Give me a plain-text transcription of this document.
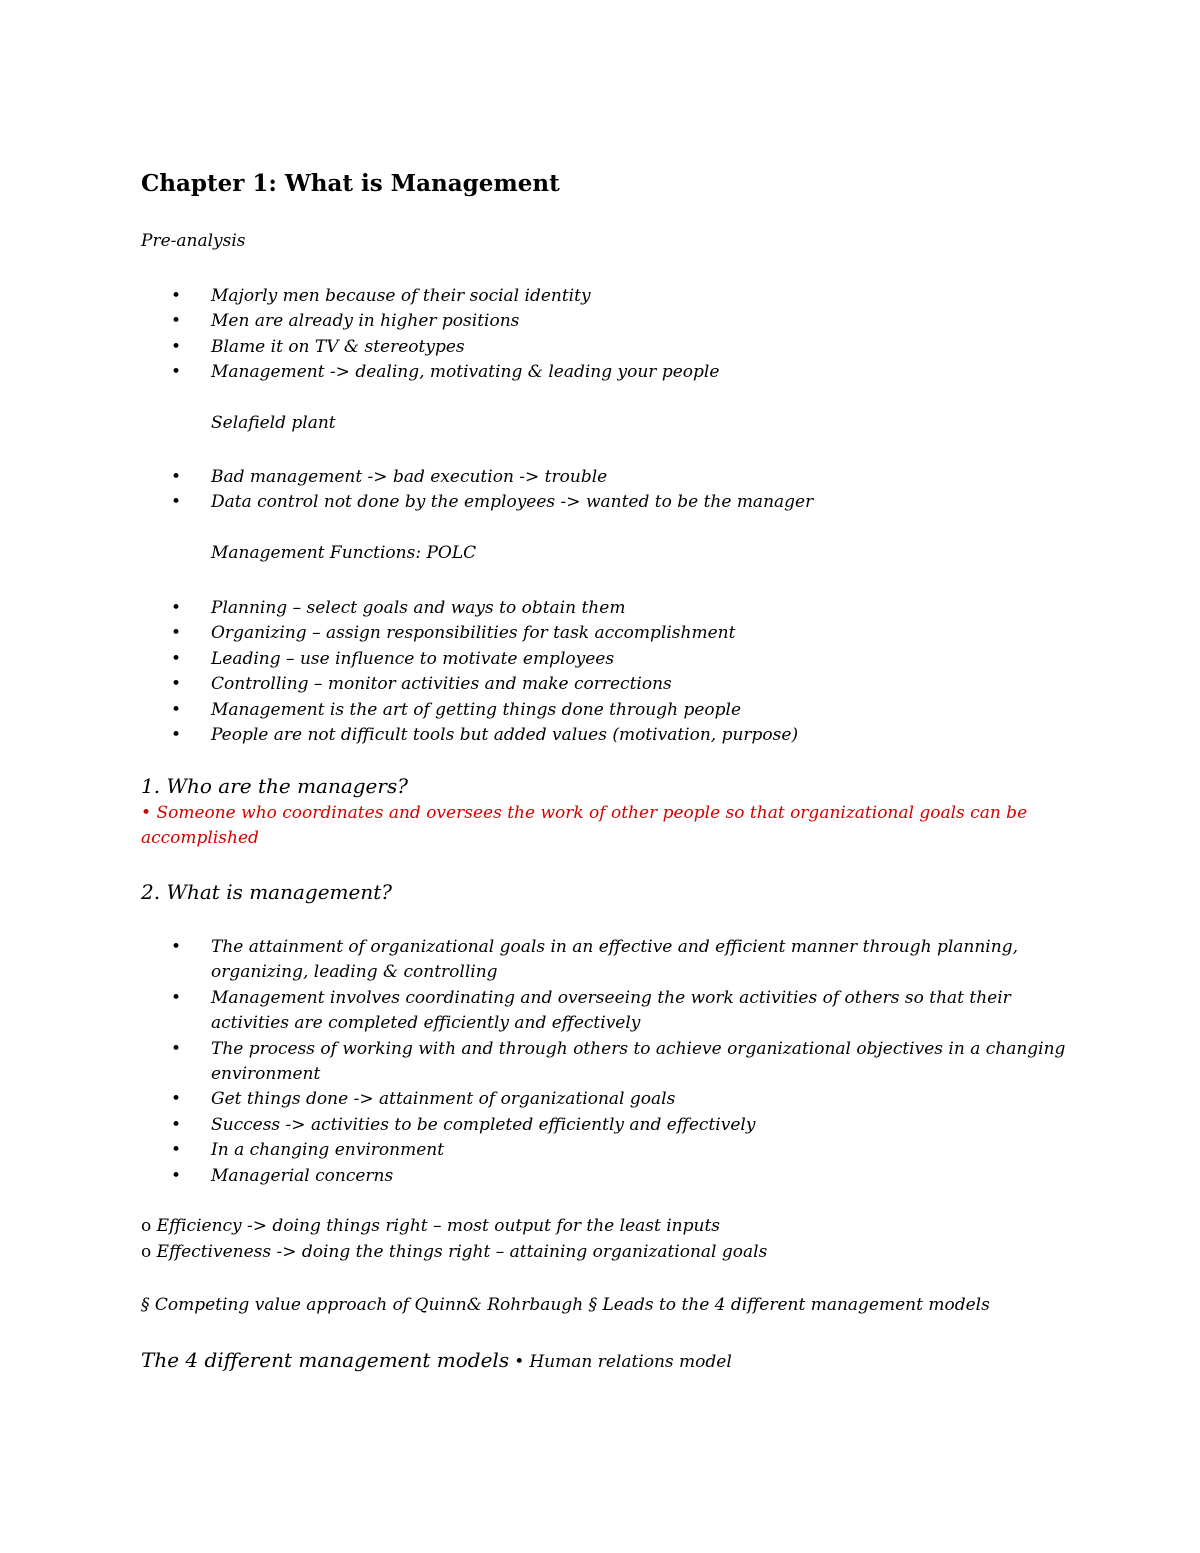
Chapter 1: What is Management
Pre-analysis
• Majorly men because of their social identity
• Men are already in higher positions
• Blame it on TV & stereotypes
• Management -> dealing, motivating & leading your people
Selafield plant
• Bad management -> bad execution -> trouble
• Data control not done by the employees -> wanted to be the manager
Management Functions: POLC
• Planning – select goals and ways to obtain them
• Organizing – assign responsibilities for task accomplishment
• Leading – use influence to motivate employees
• Controlling – monitor activities and make corrections
• Management is the art of getting things done through people
• People are not difficult tools but added values (motivation, purpose)
1. Who are the managers?
• Someone who coordinates and oversees the work of other people so that organizational goals can be
accomplished
2. What is management?
• The attainment of organizational goals in an effective and efficient manner through planning, organizing, leading & controlling
• Management involves coordinating and overseeing the work activities of others so that their activities are completed efficiently and effectively
• The process of working with and through others to achieve organizational objectives in a changing environment
• Get things done -> attainment of organizational goals
• Success -> activities to be completed efficiently and effectively
• In a changing environment
• Managerial concerns
o Efficiency -> doing things right – most output for the least inputs
o Effectiveness -> doing the things right – attaining organizational goals
§ Competing value approach of Quinn& Rohrbaugh § Leads to the 4 different management models
The 4 different management models • Human relations model
